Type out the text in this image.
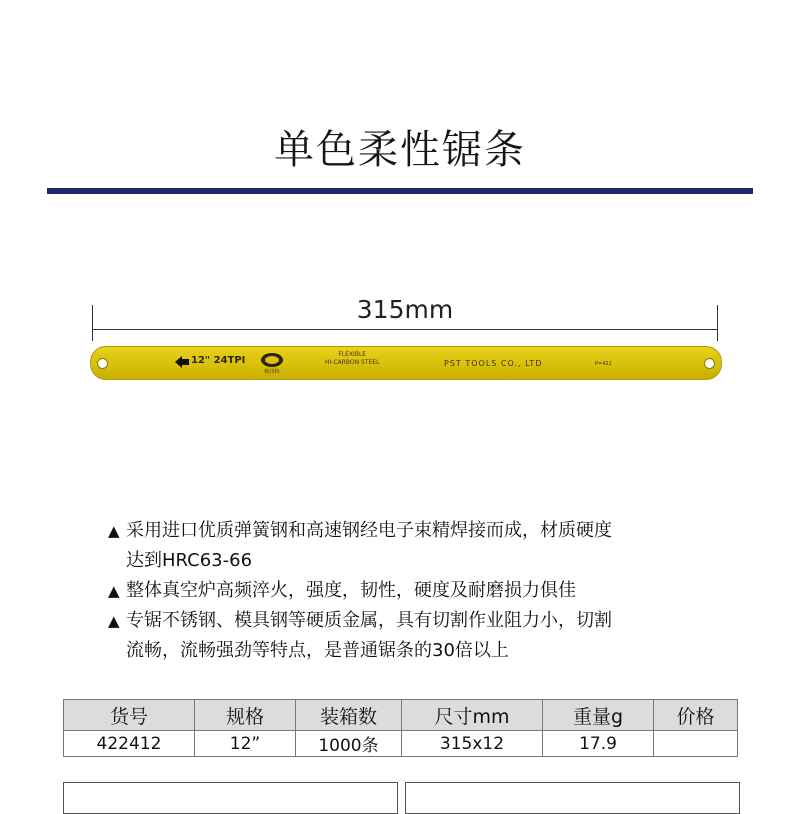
单色柔性锯条
315mm
12" 24TPI
帕司特
FLEXIBLE
HI-CARBON STEEL	PST TOOLS CO., LTD	P=422
▲ 采用进口优质弹簧钢和高速钢经电子束精焊接而成，材质硬度
达到HRC63-66
▲ 整体真空炉高频淬火，强度，韧性，硬度及耐磨损力俱佳
▲ 专锯不锈钢、模具钢等硬质金属，具有切割作业阻力小，切割
流畅，流畅强劲等特点，是普通锯条的30倍以上
货号	规格	装箱数	尺寸mm	重量g	价格
422412	12”	1000条	315x12	17.9	
